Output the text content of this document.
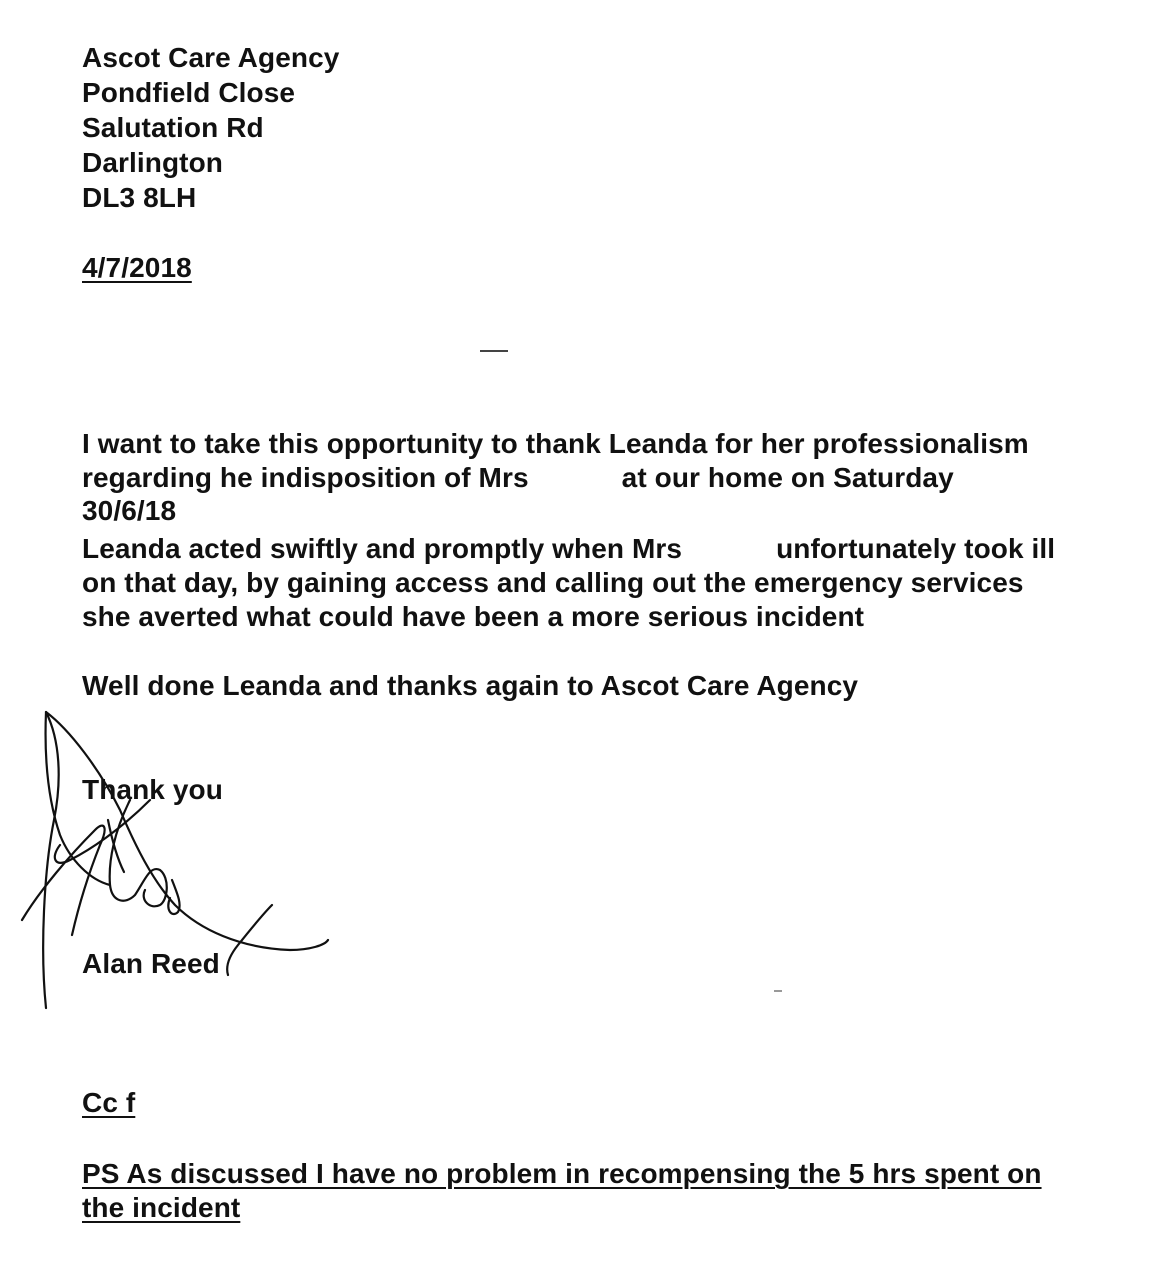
Ascot Care Agency
Pondfield Close
Salutation Rd
Darlington
DL3 8LH
4/7/2018
I want to take this opportunity to thank Leanda for her professionalism
regarding he indisposition of Mrs	at our home on Saturday
30/6/18
Leanda acted swiftly and promptly when Mrs	unfortunately took ill
on that day, by gaining access and calling out the emergency services
she averted what could have been a more serious incident
Well done Leanda and thanks again to Ascot Care Agency
Thank you
Alan Reed
Cc f
PS As discussed I have no problem in recompensing the 5 hrs spent on
the incident
